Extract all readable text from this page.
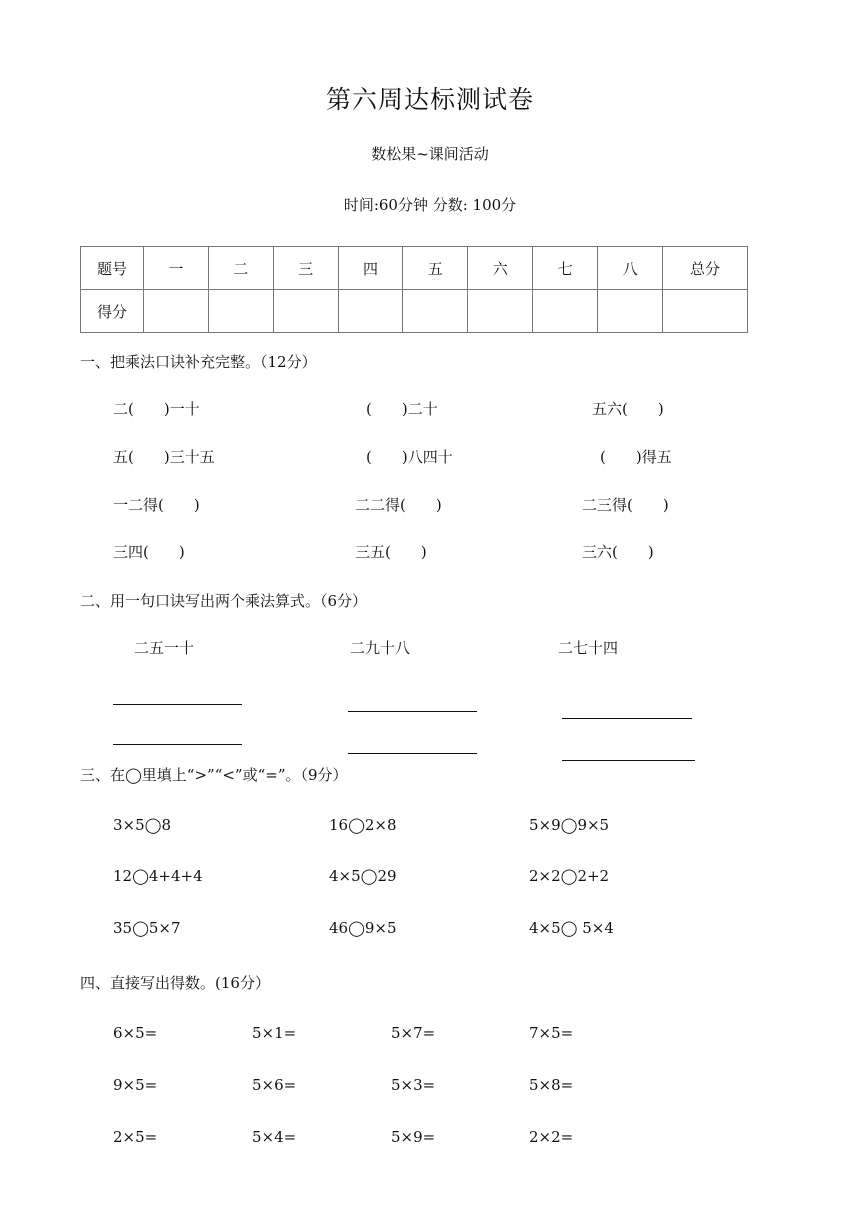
第六周达标测试卷
数松果~课间活动
时间:60分钟 分数: 100分
题号	一	二	三	四	五	六	七	八	总分
得分									
一、把乘法口诀补充完整。（12分）
二(　　)一十	(　　)二十	五六(　　)
五(　　)三十五	(　　)八四十	(　　)得五
一二得(　　)	二二得(　　)	二三得(　　)
三四(　　)	三五(　　)	三六(　　)
二、用一句口诀写出两个乘法算式。（6分）
二五一十	二九十八	二七十四
三、在◯里填上“>”“<”或“=”。（9分）
3×5◯8	16◯2×8	5×9◯9×5
12◯4+4+4	4×5◯29	2×2◯2+2
35◯5×7	46◯9×5	4×5◯ 5×4
四、直接写出得数。(16分）
6×5=	5×1=	5×7=	7×5=
9×5=	5×6=	5×3=	5×8=
2×5=	5×4=	5×9=	2×2=
